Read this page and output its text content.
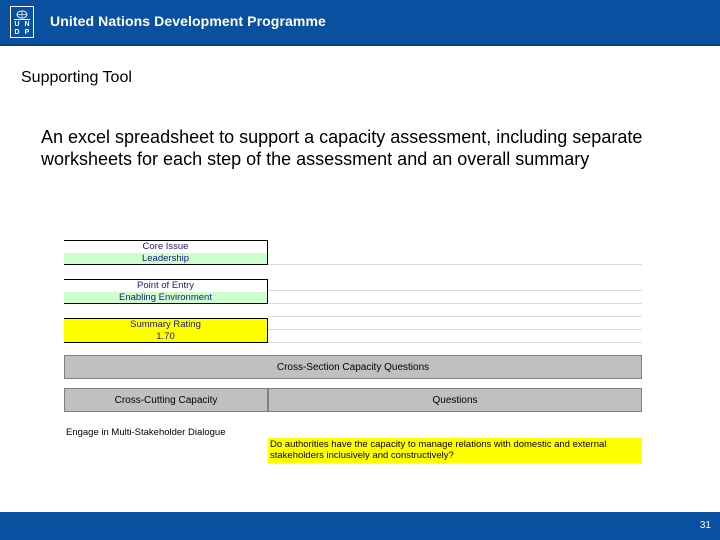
U N
D P
United Nations Development Programme
Supporting Tool
An excel spreadsheet to support a capacity assessment, including separate worksheets for each step of the assessment and an overall summary
Core Issue
Leadership
Point of Entry
Enabling Environment
Summary Rating
1.70
Cross-Section Capacity Questions
Cross-Cutting Capacity	Questions
Engage in Multi-Stakeholder Dialogue
Do authorities have the capacity to manage relations with domestic and external stakeholders inclusively and constructively?
31
